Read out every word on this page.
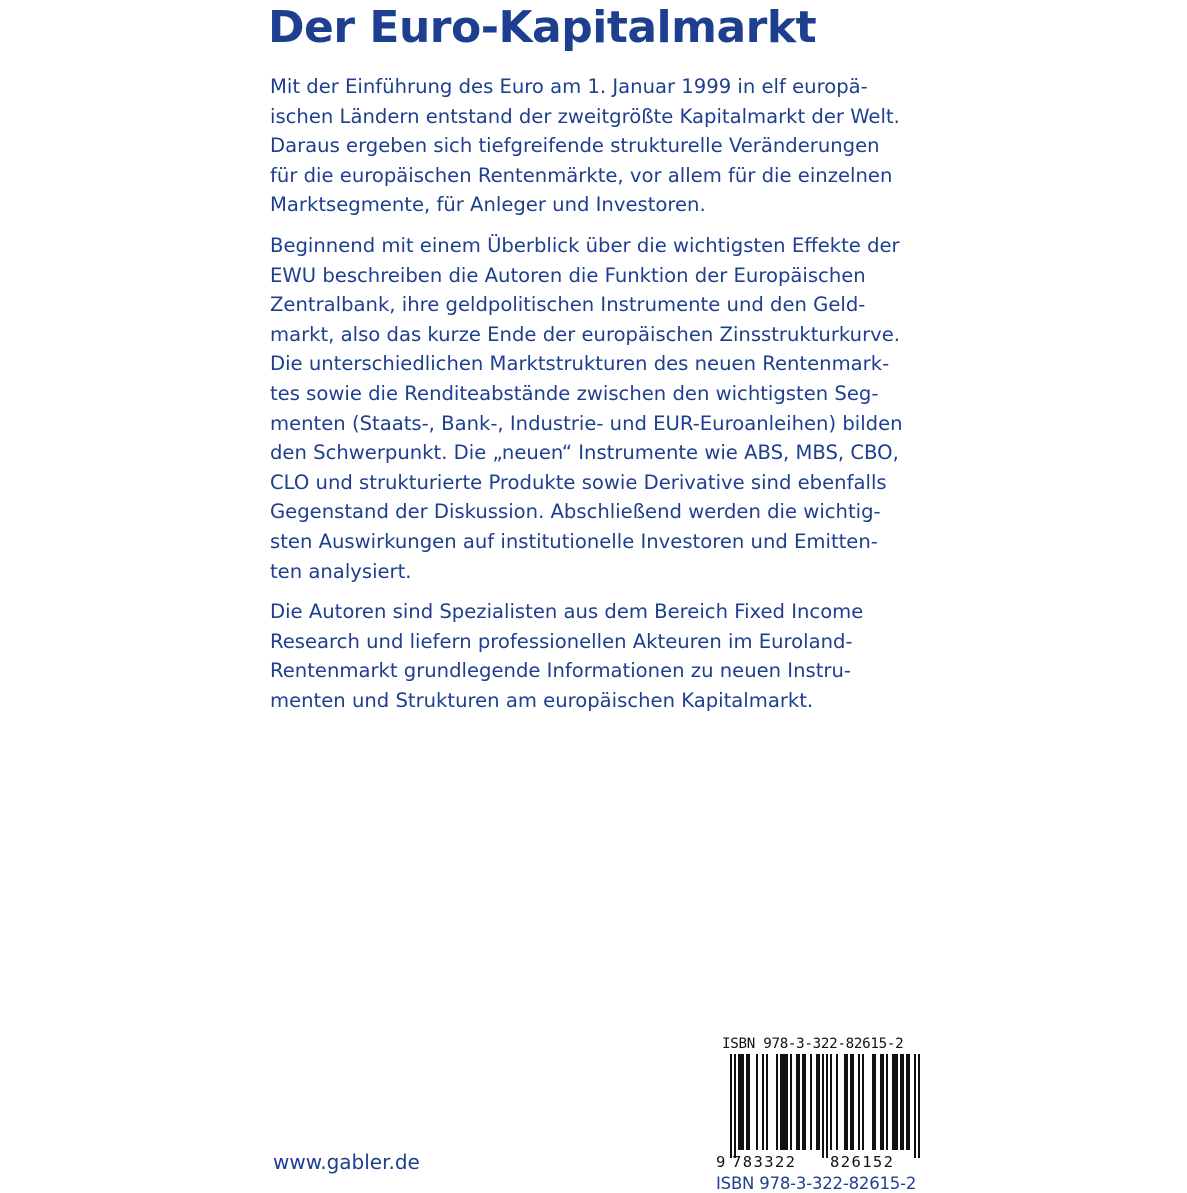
Der Euro-Kapitalmarkt

Mit der Einführung des Euro am 1. Januar 1999 in elf europä-
ischen Ländern entstand der zweitgrößte Kapitalmarkt der Welt.
Daraus ergeben sich tiefgreifende strukturelle Veränderungen
für die europäischen Rentenmärkte, vor allem für die einzelnen
Marktsegmente, für Anleger und Investoren.

Beginnend mit einem Überblick über die wichtigsten Effekte der
EWU beschreiben die Autoren die Funktion der Europäischen
Zentralbank, ihre geldpolitischen Instrumente und den Geld-
markt, also das kurze Ende der europäischen Zinsstrukturkurve.
Die unterschiedlichen Marktstrukturen des neuen Rentenmark-
tes sowie die Renditeabstände zwischen den wichtigsten Seg-
menten (Staats-, Bank-, Industrie- und EUR-Euroanleihen) bilden
den Schwerpunkt. Die „neuen“ Instrumente wie ABS, MBS, CBO,
CLO und strukturierte Produkte sowie Derivative sind ebenfalls
Gegenstand der Diskussion. Abschließend werden die wichtig-
sten Auswirkungen auf institutionelle Investoren und Emitten-
ten analysiert.

Die Autoren sind Spezialisten aus dem Bereich Fixed Income
Research und liefern professionellen Akteuren im Euroland-
Rentenmarkt grundlegende Informationen zu neuen Instru-
menten und Strukturen am europäischen Kapitalmarkt.

www.gabler.de
ISBN 978-3-322-82615-2
9 783322 826152
ISBN 978-3-322-82615-2
